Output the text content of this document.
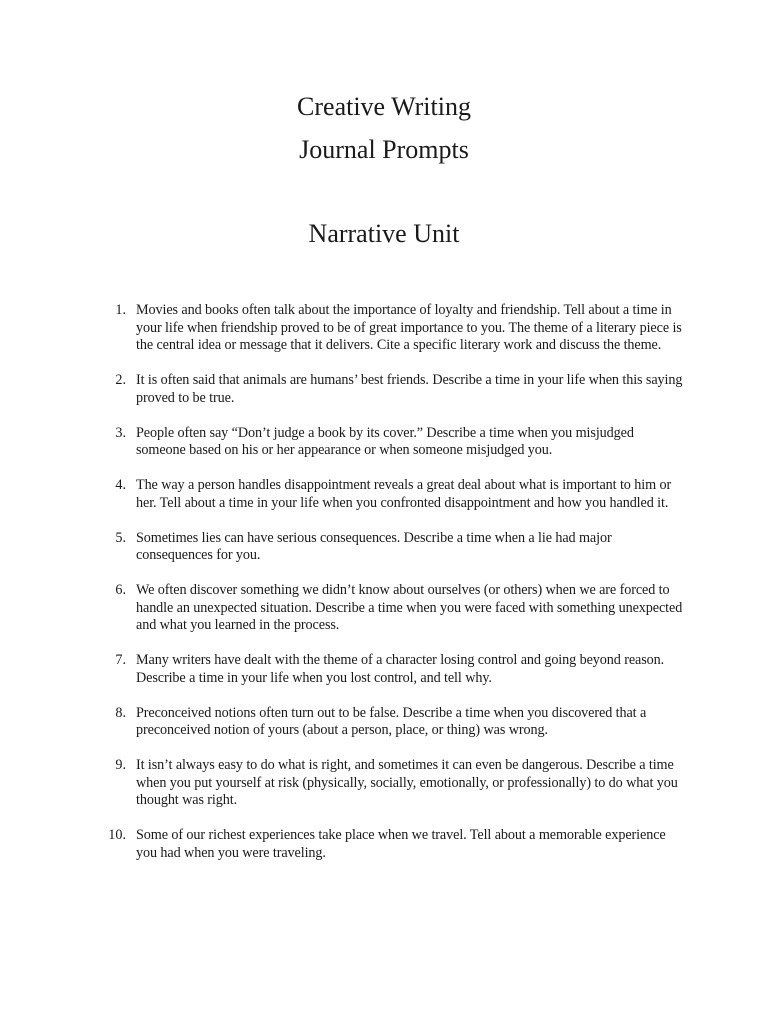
Creative Writing
Journal Prompts
Narrative Unit
1. Movies and books often talk about the importance of loyalty and friendship. Tell about a time in your life when friendship proved to be of great importance to you. The theme of a literary piece is the central idea or message that it delivers. Cite a specific literary work and discuss the theme.
2. It is often said that animals are humans’ best friends. Describe a time in your life when this saying proved to be true.
3. People often say “Don’t judge a book by its cover.” Describe a time when you misjudged someone based on his or her appearance or when someone misjudged you.
4. The way a person handles disappointment reveals a great deal about what is important to him or her. Tell about a time in your life when you confronted disappointment and how you handled it.
5. Sometimes lies can have serious consequences. Describe a time when a lie had major consequences for you.
6. We often discover something we didn’t know about ourselves (or others) when we are forced to handle an unexpected situation. Describe a time when you were faced with something unexpected and what you learned in the process.
7. Many writers have dealt with the theme of a character losing control and going beyond reason. Describe a time in your life when you lost control, and tell why.
8. Preconceived notions often turn out to be false. Describe a time when you discovered that a preconceived notion of yours (about a person, place, or thing) was wrong.
9. It isn’t always easy to do what is right, and sometimes it can even be dangerous. Describe a time when you put yourself at risk (physically, socially, emotionally, or professionally) to do what you thought was right.
10. Some of our richest experiences take place when we travel. Tell about a memorable experience you had when you were traveling.
